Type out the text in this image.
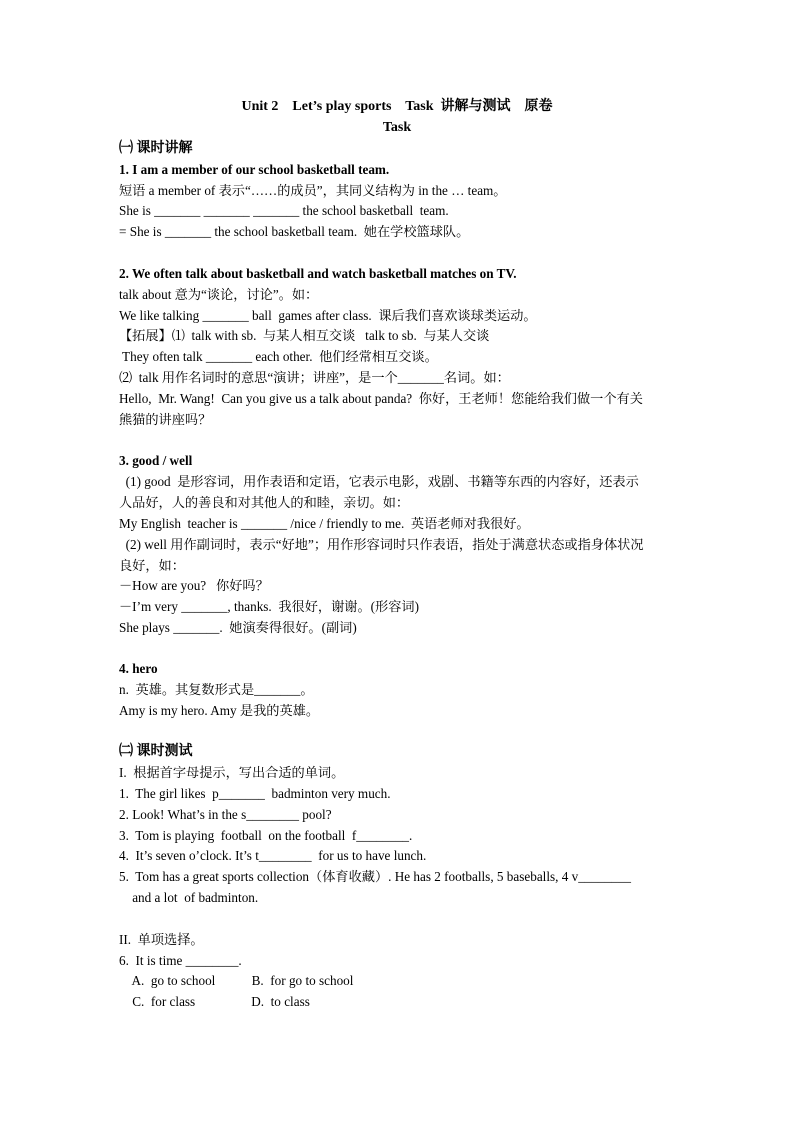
Unit 2    Let’s play sports    Task  讲解与测试    原卷
Task
㈠ 课时讲解
1. I am a member of our school basketball team.
短语 a member of 表示“……的成员”，其同义结构为 in the … team。
She is _______ _______ _______ the school basketball  team.
= She is _______ the school basketball team.  她在学校篮球队。
2. We often talk about basketball and watch basketball matches on TV.
talk about 意为“谈论，讨论”。如：
We like talking _______ ball  games after class.  课后我们喜欢谈球类运动。
【拓展】⑴  talk with sb.  与某人相互交谈   talk to sb.  与某人交谈
They often talk _______ each other.  他们经常相互交谈。
⑵  talk 用作名词时的意思“演讲；讲座”，是一个_______名词。如：
Hello,  Mr. Wang!  Can you give us a talk about panda?  你好，王老师！您能给我们做一个有关
熊猫的讲座吗？
3. good / well
(1) good  是形容词，用作表语和定语，它表示电影，戏剧、书籍等东西的内容好，还表示
人品好，人的善良和对其他人的和睦，亲切。如：
My English  teacher is _______ /nice / friendly to me.  英语老师对我很好。
(2) well 用作副词时，表示“好地”；用作形容词时只作表语，指处于满意状态或指身体状况
良好，如：
－How are you?   你好吗？
－I’m very _______, thanks.  我很好，谢谢。(形容词)
She plays _______.  她演奏得很好。(副词)
4. hero
n.  英雄。其复数形式是_______。
Amy is my hero. Amy 是我的英雄。
㈡ 课时测试
I.  根据首字母提示，写出合适的单词。
1.  The girl likes  p_______  badminton very much.
2. Look! What’s in the s________ pool?
3.  Tom is playing  football  on the football  f________.
4.  It’s seven o’clock. It’s t________  for us to have lunch.
5.  Tom has a great sports collection（体育收藏）. He has 2 footballs, 5 baseballs, 4 v________
and a lot  of badminton.
II.  单项选择。
6.  It is time ________.
A.  go to school           B.  for go to school
C.  for class                 D.  to class
